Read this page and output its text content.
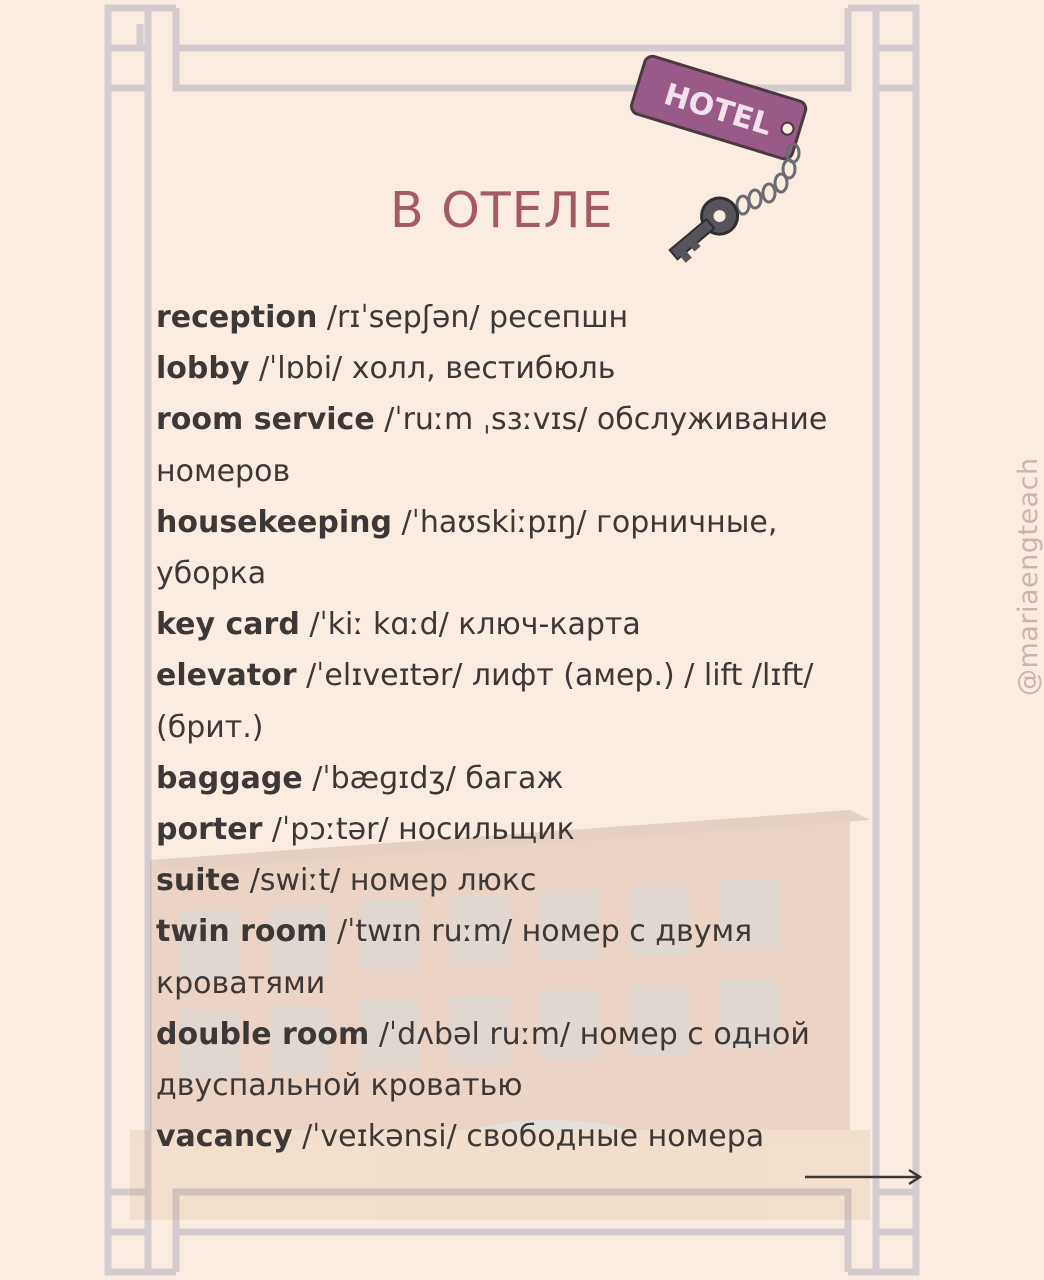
HOTEL
В ОТЕЛЕ
@mariaengteach
reception /rɪˈsepʃən/ ресепшн
lobby /ˈlɒbi/ холл, вестибюль
room service /ˈruːm ˌsɜːvɪs/ обслуживание номеров
housekeeping /ˈhaʊskiːpɪŋ/ горничные, уборка
key card /ˈkiː kɑːd/ ключ-карта
elevator /ˈelɪveɪtər/ лифт (амер.) / lift /lɪft/ (брит.)
baggage /ˈbæɡɪdʒ/ багаж
porter /ˈpɔːtər/ носильщик
suite /swiːt/ номер люкс
twin room /ˈtwɪn ruːm/ номер с двумя кроватями
double room /ˈdʌbəl ruːm/ номер с одной двуспальной кроватью
vacancy /ˈveɪkənsi/ свободные номера
